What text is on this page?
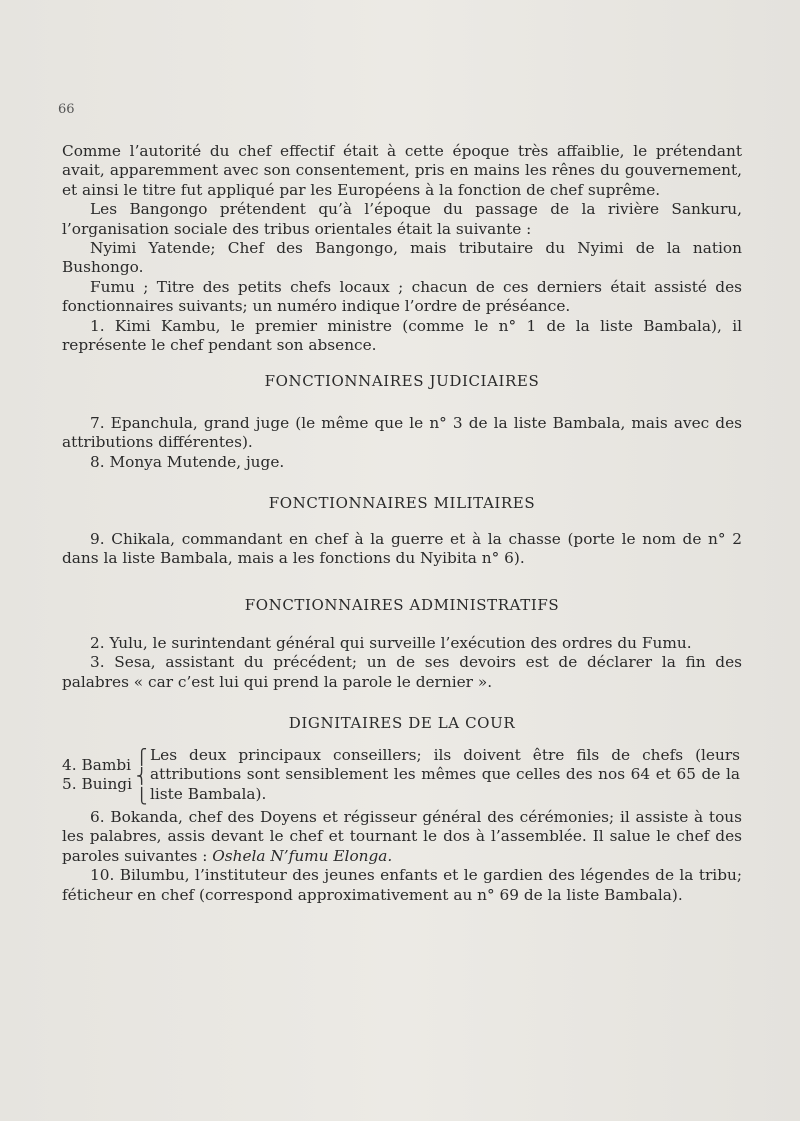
66

Comme l’autorité du chef effectif était à cette époque très affaiblie, le prétendant avait, apparemment avec son consentement, pris en mains les rênes du gouvernement, et ainsi le titre fut appliqué par les Européens à la fonction de chef suprême.

Les Bangongo prétendent qu’à l’époque du passage de la rivière Sankuru, l’organisation sociale des tribus orientales était la suivante :

Nyimi Yatende; Chef des Bangongo, mais tributaire du Nyimi de la nation Bushongo.

Fumu ; Titre des petits chefs locaux ; chacun de ces derniers était assisté des fonctionnaires suivants; un numéro indique l’ordre de préséance.

1. Kimi Kambu, le premier ministre (comme le n° 1 de la liste Bambala), il représente le chef pendant son absence.

FONCTIONNAIRES JUDICIAIRES

7. Epanchula, grand juge (le même que le n° 3 de la liste Bambala, mais avec des attributions différentes).

8. Monya Mutende, juge.

FONCTIONNAIRES MILITAIRES

9. Chikala, commandant en chef à la guerre et à la chasse (porte le nom de n° 2 dans la liste Bambala, mais a les fonctions du Nyibita n° 6).

FONCTIONNAIRES ADMINISTRATIFS

2. Yulu, le surintendant général qui surveille l’exécution des ordres du Fumu.

3. Sesa, assistant du précédent; un de ses devoirs est de déclarer la fin des palabres « car c’est lui qui prend la parole le dernier ».

DIGNITAIRES DE LA COUR
4. Bambi
5. Buingi
⎧
⎨
⎩
Les deux principaux conseillers; ils doivent être fils de chefs (leurs attributions sont sensiblement les mêmes que celles des nos 64 et 65 de la liste Bambala).

6. Bokanda, chef des Doyens et régisseur général des cérémonies; il assiste à tous les palabres, assis devant le chef et tournant le dos à l’assemblée. Il salue le chef des paroles suivantes : Oshela N’fumu Elonga.

10. Bilumbu, l’instituteur des jeunes enfants et le gardien des légendes de la tribu; féticheur en chef (correspond approximativement au n° 69 de la liste Bambala).
